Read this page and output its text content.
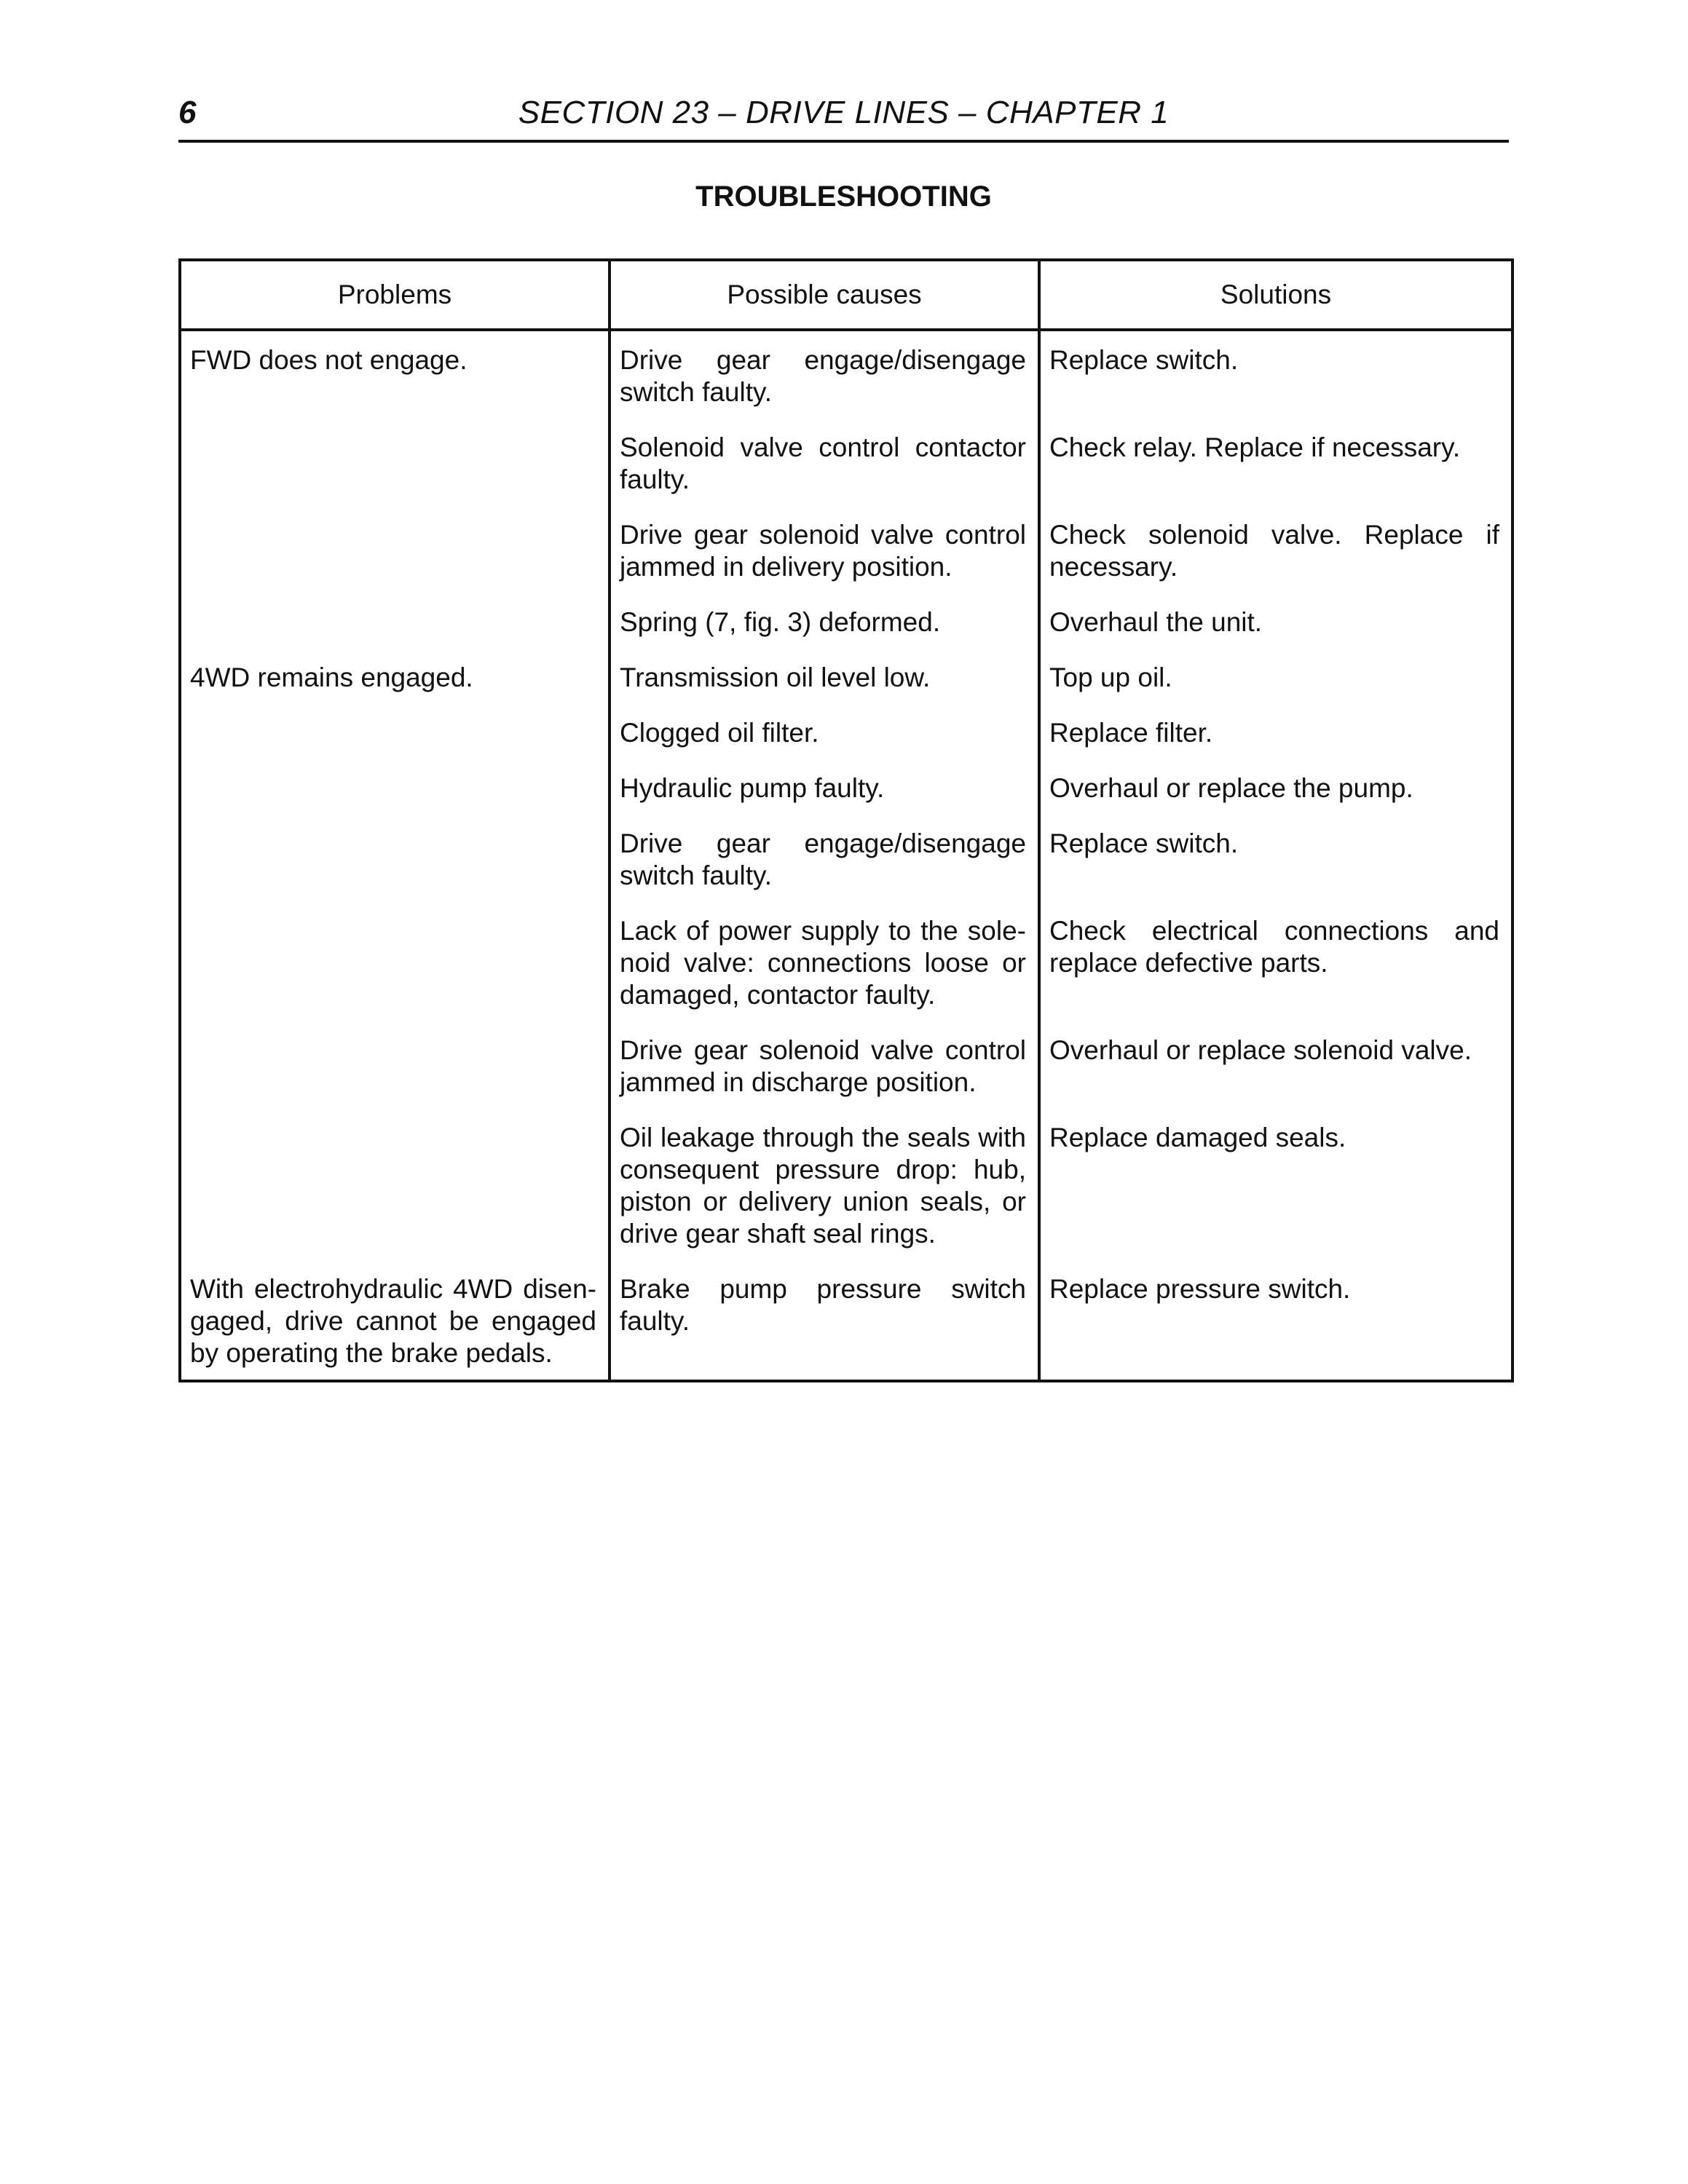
6	SECTION 23 – DRIVE LINES – CHAPTER 1
TROUBLESHOOTING
Problems	Possible causes	Solutions
FWD does not engage.	Drive gear engage/disengage switch faulty.	Replace switch.
	Solenoid valve control contactor faulty.	Check relay. Replace if necessary.
	Drive gear solenoid valve control jammed in delivery position.	Check solenoid valve. Replace if necessary.
	Spring (7, fig. 3) deformed.	Overhaul the unit.
4WD remains engaged.	Transmission oil level low.	Top up oil.
	Clogged oil filter.	Replace filter.
	Hydraulic pump faulty.	Overhaul or replace the pump.
	Drive gear engage/disengage switch faulty.	Replace switch.
	Lack of power supply to the sole-noid valve: connections loose or damaged, contactor faulty.	Check electrical connections and replace defective parts.
	Drive gear solenoid valve control jammed in discharge position.	Overhaul or replace solenoid valve.
	Oil leakage through the seals with consequent pressure drop: hub, piston or delivery union seals, or drive gear shaft seal rings.	Replace damaged seals.
With electrohydraulic 4WD disen-gaged, drive cannot be engaged by operating the brake pedals.	Brake pump pressure switch faulty.	Replace pressure switch.
